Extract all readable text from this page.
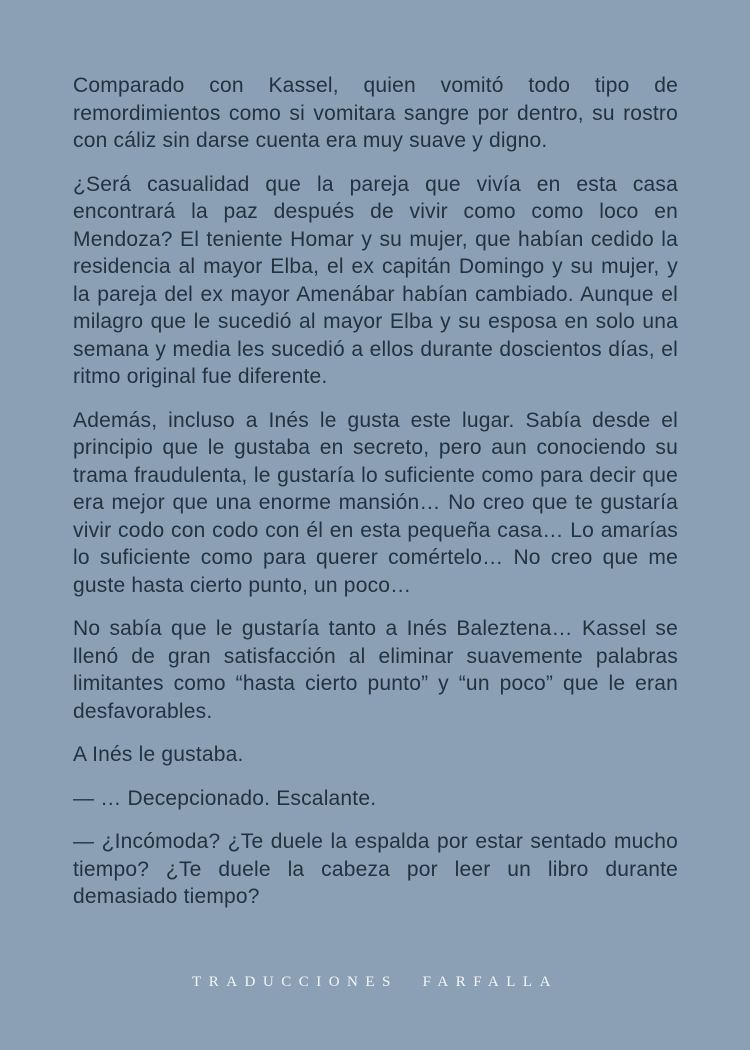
Comparado con Kassel, quien vomitó todo tipo de remordimientos como si vomitara sangre por dentro, su rostro con cáliz sin darse cuenta era muy suave y digno.

¿Será casualidad que la pareja que vivía en esta casa encontrará la paz después de vivir como como loco en Mendoza? El teniente Homar y su mujer, que habían cedido la residencia al mayor Elba, el ex capitán Domingo y su mujer, y la pareja del ex mayor Amenábar habían cambiado. Aunque el milagro que le sucedió al mayor Elba y su esposa en solo una semana y media les sucedió a ellos durante doscientos días, el ritmo original fue diferente.

Además, incluso a Inés le gusta este lugar. Sabía desde el principio que le gustaba en secreto, pero aun conociendo su trama fraudulenta, le gustaría lo suficiente como para decir que era mejor que una enorme mansión… No creo que te gustaría vivir codo con codo con él en esta pequeña casa… Lo amarías lo suficiente como para querer comértelo… No creo que me guste hasta cierto punto, un poco…

No sabía que le gustaría tanto a Inés Baleztena… Kassel se llenó de gran satisfacción al eliminar suavemente palabras limitantes como “hasta cierto punto” y “un poco” que le eran desfavorables.

A Inés le gustaba.

— … Decepcionado. Escalante.

— ¿Incómoda? ¿Te duele la espalda por estar sentado mucho tiempo? ¿Te duele la cabeza por leer un libro durante demasiado tiempo?

TRADUCCIONES FARFALLA
